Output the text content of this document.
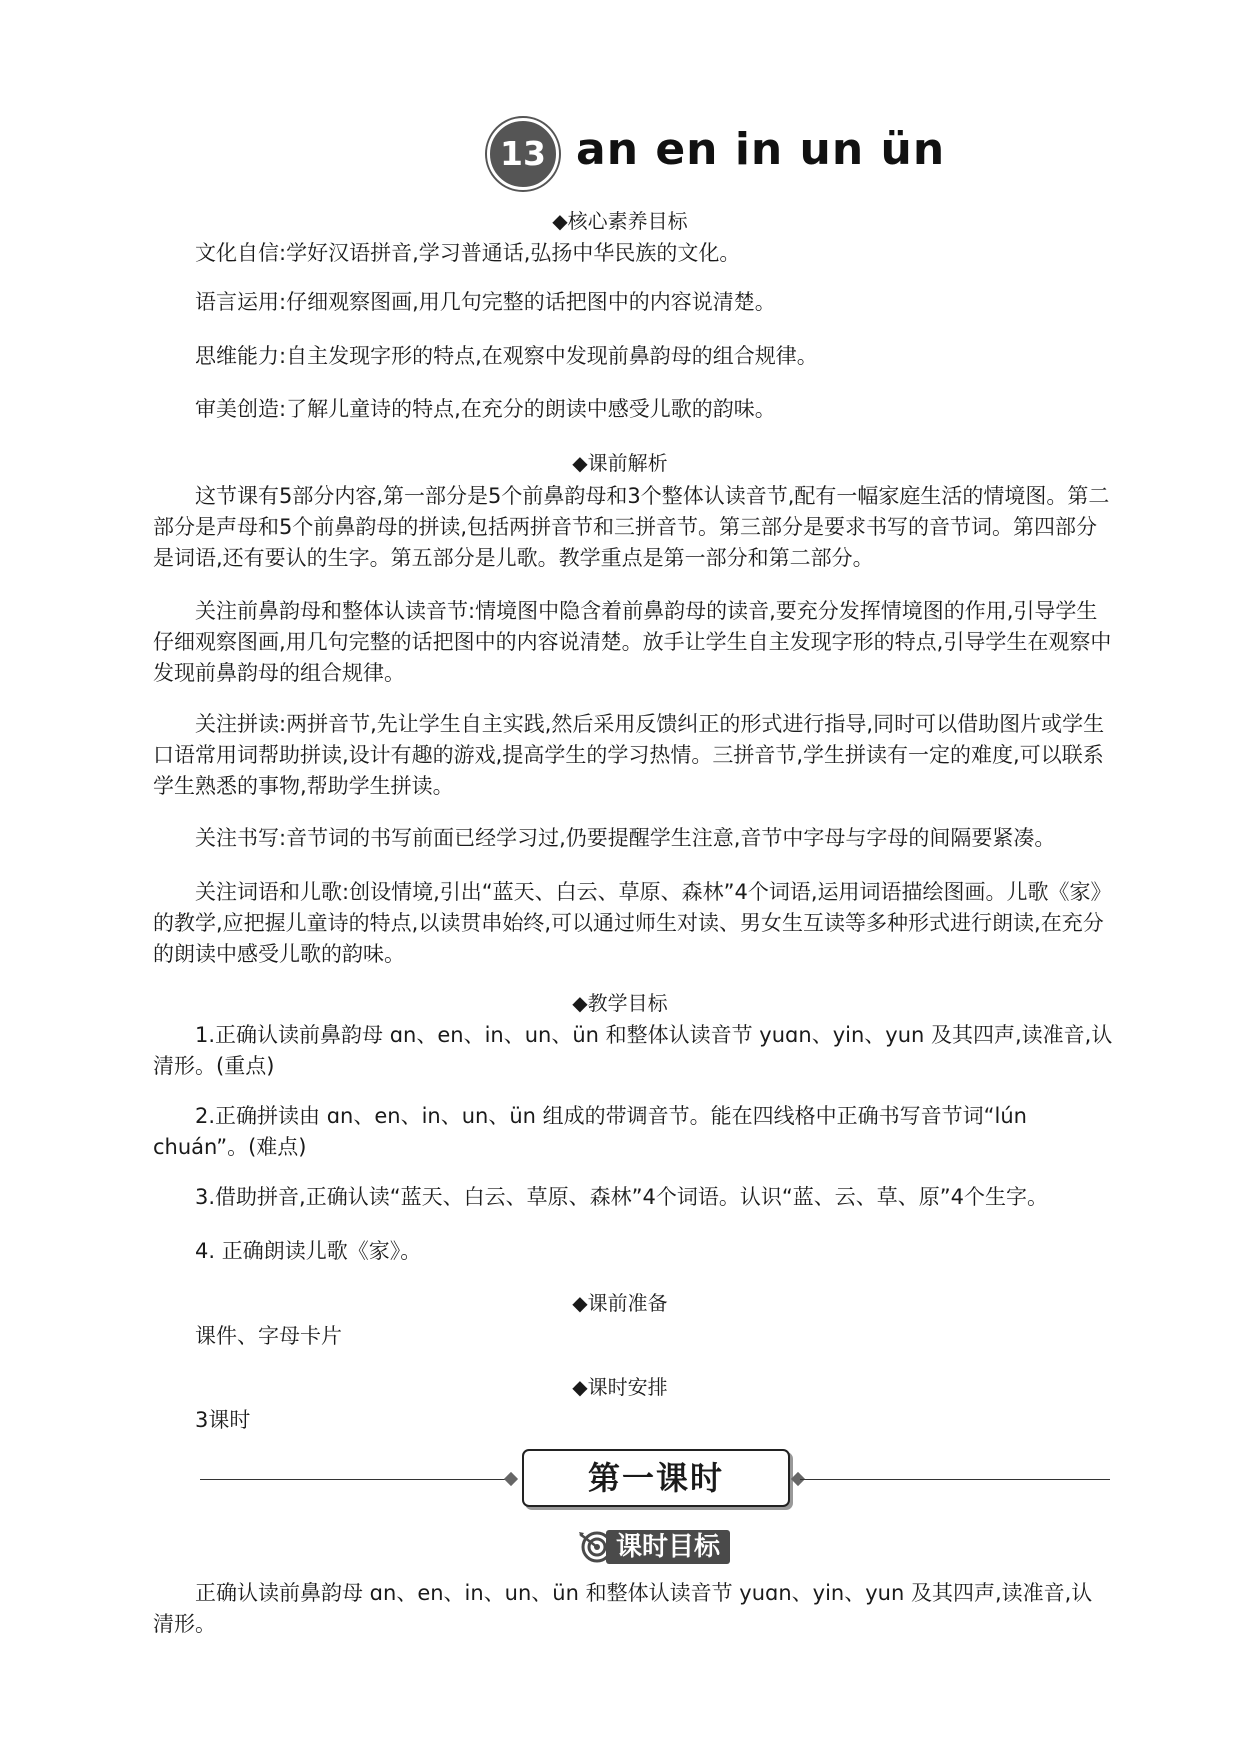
13 an en in un ün
◆核心素养目标
文化自信:学好汉语拼音,学习普通话,弘扬中华民族的文化。
语言运用:仔细观察图画,用几句完整的话把图中的内容说清楚。
思维能力:自主发现字形的特点,在观察中发现前鼻韵母的组合规律。
审美创造:了解儿童诗的特点,在充分的朗读中感受儿歌的韵味。
◆课前解析
这节课有5部分内容,第一部分是5个前鼻韵母和3个整体认读音节,配有一幅家庭生活的情境图。第二部分是声母和5个前鼻韵母的拼读,包括两拼音节和三拼音节。第三部分是要求书写的音节词。第四部分是词语,还有要认的生字。第五部分是儿歌。教学重点是第一部分和第二部分。
关注前鼻韵母和整体认读音节:情境图中隐含着前鼻韵母的读音,要充分发挥情境图的作用,引导学生仔细观察图画,用几句完整的话把图中的内容说清楚。放手让学生自主发现字形的特点,引导学生在观察中发现前鼻韵母的组合规律。
关注拼读:两拼音节,先让学生自主实践,然后采用反馈纠正的形式进行指导,同时可以借助图片或学生口语常用词帮助拼读,设计有趣的游戏,提高学生的学习热情。三拼音节,学生拼读有一定的难度,可以联系学生熟悉的事物,帮助学生拼读。
关注书写:音节词的书写前面已经学习过,仍要提醒学生注意,音节中字母与字母的间隔要紧凑。
关注词语和儿歌:创设情境,引出“蓝天、白云、草原、森林”4个词语,运用词语描绘图画。儿歌《家》的教学,应把握儿童诗的特点,以读贯串始终,可以通过师生对读、男女生互读等多种形式进行朗读,在充分的朗读中感受儿歌的韵味。
◆教学目标
1.正确认读前鼻韵母 ɑn、en、in、un、ün 和整体认读音节 yuɑn、yin、yun 及其四声,读准音,认清形。(重点)
2.正确拼读由 ɑn、en、in、un、ün 组成的带调音节。能在四线格中正确书写音节词“lún chuán”。(难点)
3.借助拼音,正确认读“蓝天、白云、草原、森林”4个词语。认识“蓝、云、草、原”4个生字。
4. 正确朗读儿歌《家》。
◆课前准备
课件、字母卡片
◆课时安排
3课时
第一课时
课时目标
正确认读前鼻韵母 ɑn、en、in、un、ün 和整体认读音节 yuɑn、yin、yun 及其四声,读准音,认清形。
